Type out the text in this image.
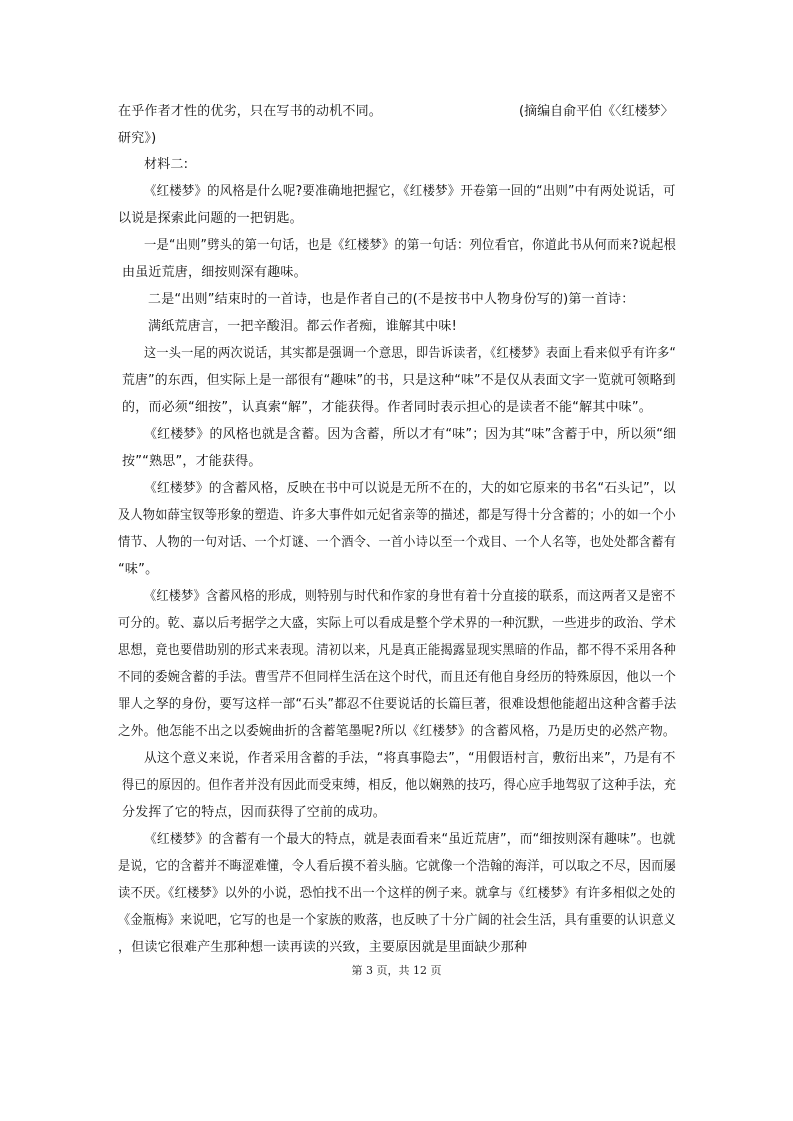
在乎作者才性的优劣，只在写书的动机不同。	(摘编自俞平伯《〈红楼梦〉
研究》)
材料二:
《红楼梦》的风格是什么呢?要准确地把握它，《红楼梦》开卷第一回的“出则”中有两处说话，可
以说是探索此问题的一把钥匙。
一是“出则”劈头的第一句话，也是《红楼梦》的第一句话：列位看官，你道此书从何而来?说起根
由虽近荒唐，细按则深有趣味。
二是“出则”结束时的一首诗，也是作者自己的(不是按书中人物身份写的)第一首诗：
满纸荒唐言，一把辛酸泪。都云作者痴，谁解其中味!
这一头一尾的两次说话，其实都是强调一个意思，即告诉读者，《红楼梦》表面上看来似乎有许多“
荒唐”的东西，但实际上是一部很有“趣味”的书，只是这种“味”不是仅从表面文字一览就可领略到
的，而必须“细按”，认真索“解”，才能获得。作者同时表示担心的是读者不能“解其中味”。
《红楼梦》的风格也就是含蓄。因为含蓄，所以才有“味”；因为其“味”含蓄于中，所以须“细
按”“熟思”，才能获得。
《红楼梦》的含蓄风格，反映在书中可以说是无所不在的，大的如它原来的书名“石头记”，以
及人物如薛宝钗等形象的塑造、许多大事件如元妃省亲等的描述，都是写得十分含蓄的；小的如一个小
情节、人物的一句对话、一个灯谜、一个酒令、一首小诗以至一个戏目、一个人名等，也处处都含蓄有
“味”。
《红楼梦》含蓄风格的形成，则特别与时代和作家的身世有着十分直接的联系，而这两者又是密不
可分的。乾、嘉以后考据学之大盛，实际上可以看成是整个学术界的一种沉默，一些进步的政治、学术
思想，竟也要借助别的形式来表现。清初以来，凡是真正能揭露显现实黑暗的作品，都不得不采用各种
不同的委婉含蓄的手法。曹雪芹不但同样生活在这个时代，而且还有他自身经历的特殊原因，他以一个
罪人之孥的身份，要写这样一部“石头”都忍不住要说话的长篇巨著，很难设想他能超出这种含蓄手法
之外。他怎能不出之以委婉曲折的含蓄笔墨呢?所以《红楼梦》的含蓄风格，乃是历史的必然产物。
从这个意义来说，作者采用含蓄的手法，“将真事隐去”，“用假语村言，敷衍出来”，乃是有不
得已的原因的。但作者并没有因此而受束缚，相反，他以娴熟的技巧，得心应手地驾驭了这种手法，充
分发挥了它的特点，因而获得了空前的成功。
《红楼梦》的含蓄有一个最大的特点，就是表面看来“虽近荒唐”，而“细按则深有趣味”。也就
是说，它的含蓄并不晦涩难懂，令人看后摸不着头脑。它就像一个浩翰的海洋，可以取之不尽，因而屡
读不厌。《红楼梦》以外的小说，恐怕找不出一个这样的例子来。就拿与《红楼梦》有许多相似之处的
《金瓶梅》来说吧，它写的也是一个家族的败落，也反映了十分广阔的社会生活，具有重要的认识意义
，但读它很难产生那种想一读再读的兴致，主要原因就是里面缺少那种
第 3 页，共 12 页
